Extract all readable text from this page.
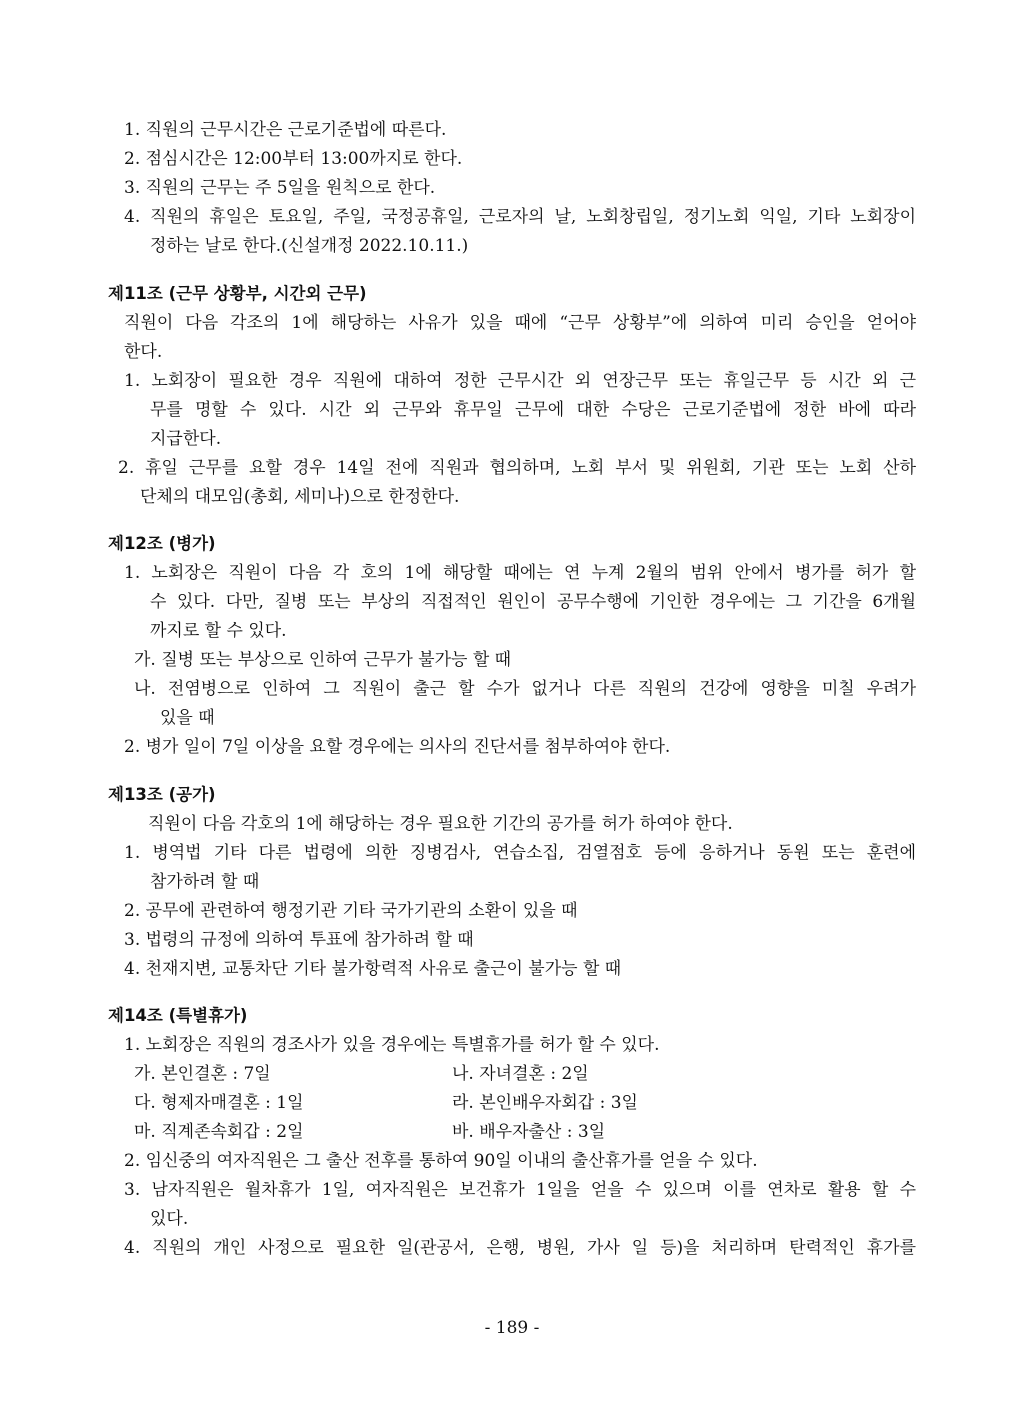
1. 직원의 근무시간은 근로기준법에 따른다.
2. 점심시간은 12:00부터 13:00까지로 한다.
3. 직원의 근무는 주 5일을 원칙으로 한다.
4. 직원의 휴일은 토요일, 주일, 국정공휴일, 근로자의 날, 노회창립일, 정기노회 익일, 기타 노회장이
정하는 날로 한다.(신설개정 2022.10.11.)
제11조 (근무 상황부, 시간외 근무)
직원이 다음 각조의 1에 해당하는 사유가 있을 때에 “근무 상황부”에 의하여 미리 승인을 얻어야
한다.
1. 노회장이 필요한 경우 직원에 대하여 정한 근무시간 외 연장근무 또는 휴일근무 등 시간 외 근
무를 명할 수 있다. 시간 외 근무와 휴무일 근무에 대한 수당은 근로기준법에 정한 바에 따라
지급한다.
2. 휴일 근무를 요할 경우 14일 전에 직원과 협의하며, 노회 부서 및 위원회, 기관 또는 노회 산하
단체의 대모임(총회, 세미나)으로 한정한다.
제12조 (병가)
1. 노회장은 직원이 다음 각 호의 1에 해당할 때에는 연 누계 2월의 범위 안에서 병가를 허가 할
수 있다. 다만, 질병 또는 부상의 직접적인 원인이 공무수행에 기인한 경우에는 그 기간을 6개월
까지로 할 수 있다.
가. 질병 또는 부상으로 인하여 근무가 불가능 할 때
나. 전염병으로 인하여 그 직원이 출근 할 수가 없거나 다른 직원의 건강에 영향을 미칠 우려가
있을 때
2. 병가 일이 7일 이상을 요할 경우에는 의사의 진단서를 첨부하여야 한다.
제13조 (공가)
직원이 다음 각호의 1에 해당하는 경우 필요한 기간의 공가를 허가 하여야 한다.
1. 병역법 기타 다른 법령에 의한 징병검사, 연습소집, 검열점호 등에 응하거나 동원 또는 훈련에
참가하려 할 때
2. 공무에 관련하여 행정기관 기타 국가기관의 소환이 있을 때
3. 법령의 규정에 의하여 투표에 참가하려 할 때
4. 천재지변, 교통차단 기타 불가항력적 사유로 출근이 불가능 할 때
제14조 (특별휴가)
1. 노회장은 직원의 경조사가 있을 경우에는 특별휴가를 허가 할 수 있다.
가. 본인결혼 : 7일	나. 자녀결혼 : 2일
다. 형제자매결혼 : 1일	라. 본인배우자회갑 : 3일
마. 직계존속회갑 : 2일	바. 배우자출산 : 3일
2. 임신중의 여자직원은 그 출산 전후를 통하여 90일 이내의 출산휴가를 얻을 수 있다.
3. 남자직원은 월차휴가 1일, 여자직원은 보건휴가 1일을 얻을 수 있으며 이를 연차로 활용 할 수
있다.
4. 직원의 개인 사정으로 필요한 일(관공서, 은행, 병원, 가사 일 등)을 처리하며 탄력적인 휴가를
- 189 -
